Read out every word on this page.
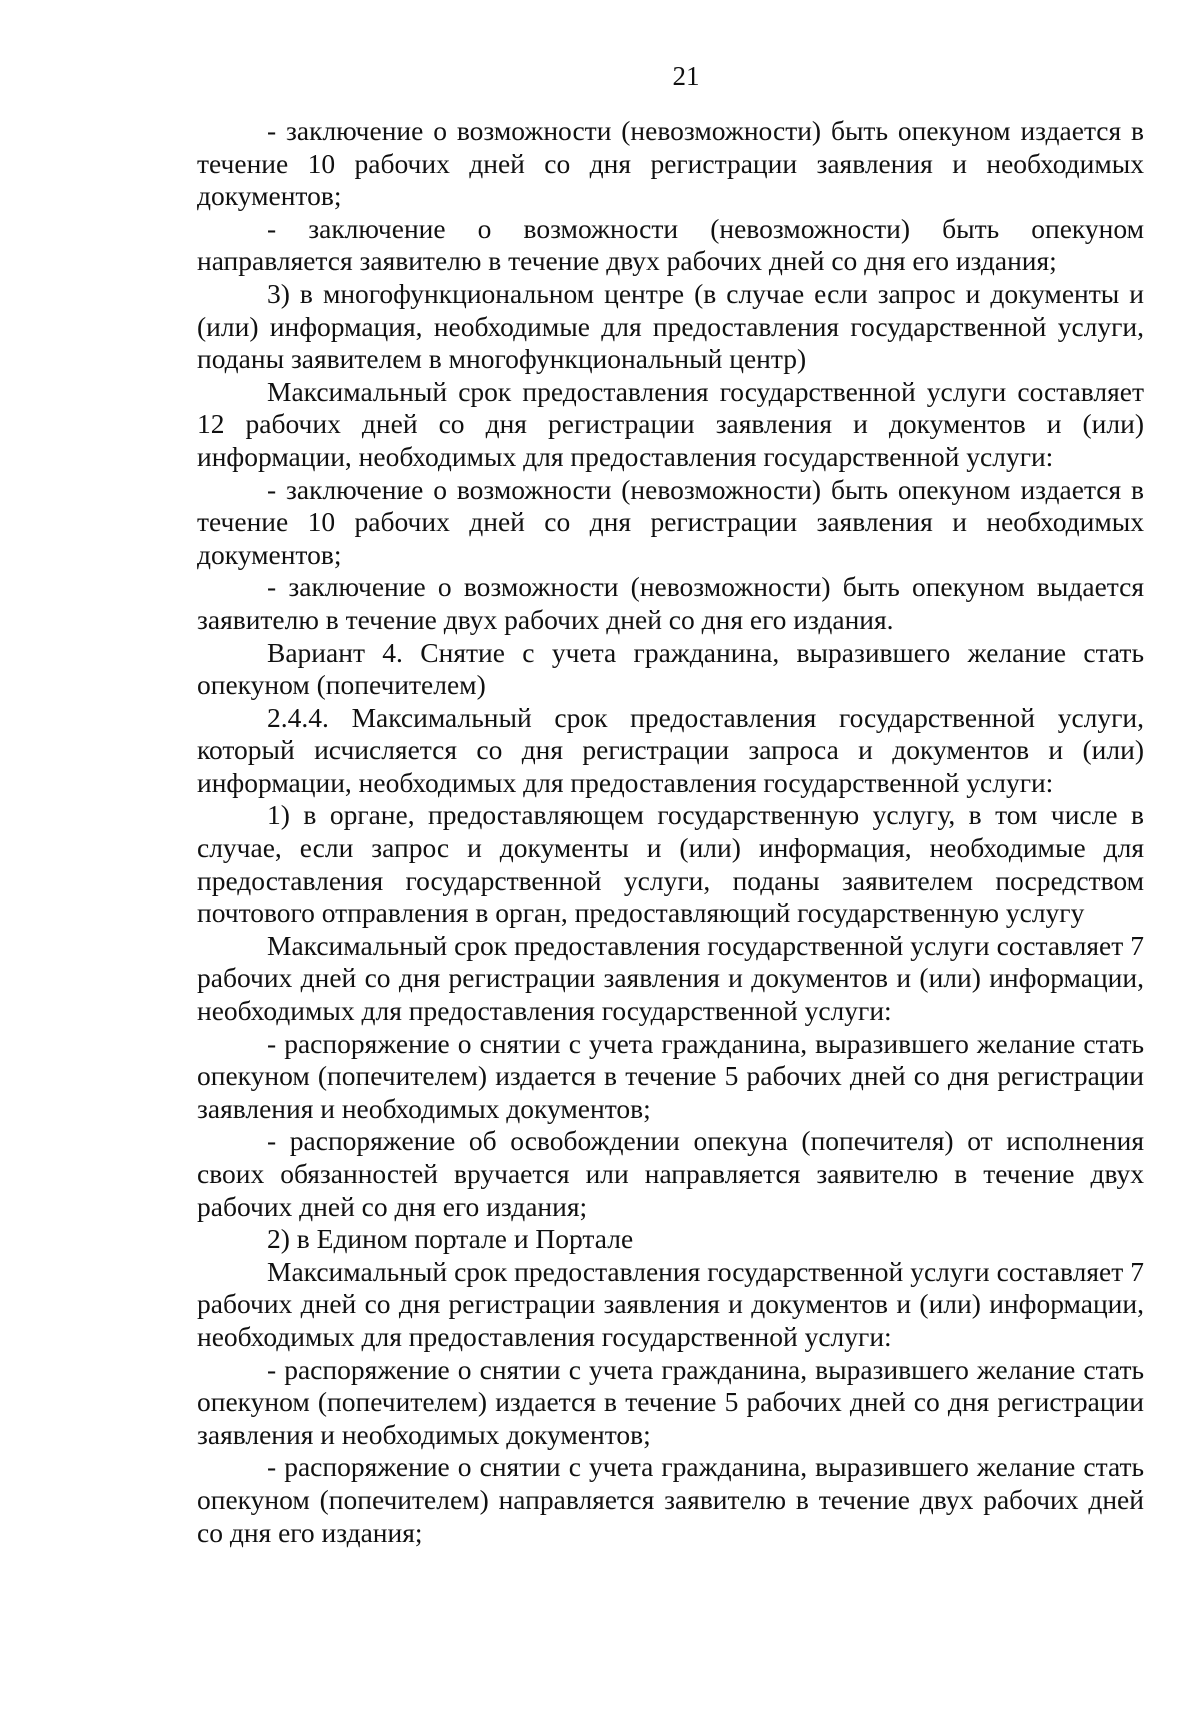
21

- заключение о возможности (невозможности) быть опекуном издается в течение 10 рабочих дней со дня регистрации заявления и необходимых документов;

- заключение о возможности (невозможности) быть опекуном направляется заявителю в течение двух рабочих дней со дня его издания;

3) в многофункциональном центре (в случае если запрос и документы и (или) информация, необходимые для предоставления государственной услуги, поданы заявителем в многофункциональный центр)

Максимальный срок предоставления государственной услуги составляет 12 рабочих дней со дня регистрации заявления и документов и (или) информации, необходимых для предоставления государственной услуги:

- заключение о возможности (невозможности) быть опекуном издается в течение 10 рабочих дней со дня регистрации заявления и необходимых документов;

- заключение о возможности (невозможности) быть опекуном выдается заявителю в течение двух рабочих дней со дня его издания.

Вариант 4. Снятие с учета гражданина, выразившего желание стать опекуном (попечителем)

2.4.4. Максимальный срок предоставления государственной услуги, который исчисляется со дня регистрации запроса и документов и (или) информации, необходимых для предоставления государственной услуги:

1) в органе, предоставляющем государственную услугу, в том числе в случае, если запрос и документы и (или) информация, необходимые для предоставления государственной услуги, поданы заявителем посредством почтового отправления в орган, предоставляющий государственную услугу

Максимальный срок предоставления государственной услуги составляет 7 рабочих дней со дня регистрации заявления и документов и (или) информации, необходимых для предоставления государственной услуги:

- распоряжение о снятии с учета гражданина, выразившего желание стать опекуном (попечителем) издается в течение 5 рабочих дней со дня регистрации заявления и необходимых документов;

- распоряжение об освобождении опекуна (попечителя) от исполнения своих обязанностей вручается или направляется заявителю в течение двух рабочих дней со дня его издания;

2) в Едином портале и Портале

Максимальный срок предоставления государственной услуги составляет 7 рабочих дней со дня регистрации заявления и документов и (или) информации, необходимых для предоставления государственной услуги:

- распоряжение о снятии с учета гражданина, выразившего желание стать опекуном (попечителем) издается в течение 5 рабочих дней со дня регистрации заявления и необходимых документов;

- распоряжение о снятии с учета гражданина, выразившего желание стать опекуном (попечителем) направляется заявителю в течение двух рабочих дней со дня его издания;
